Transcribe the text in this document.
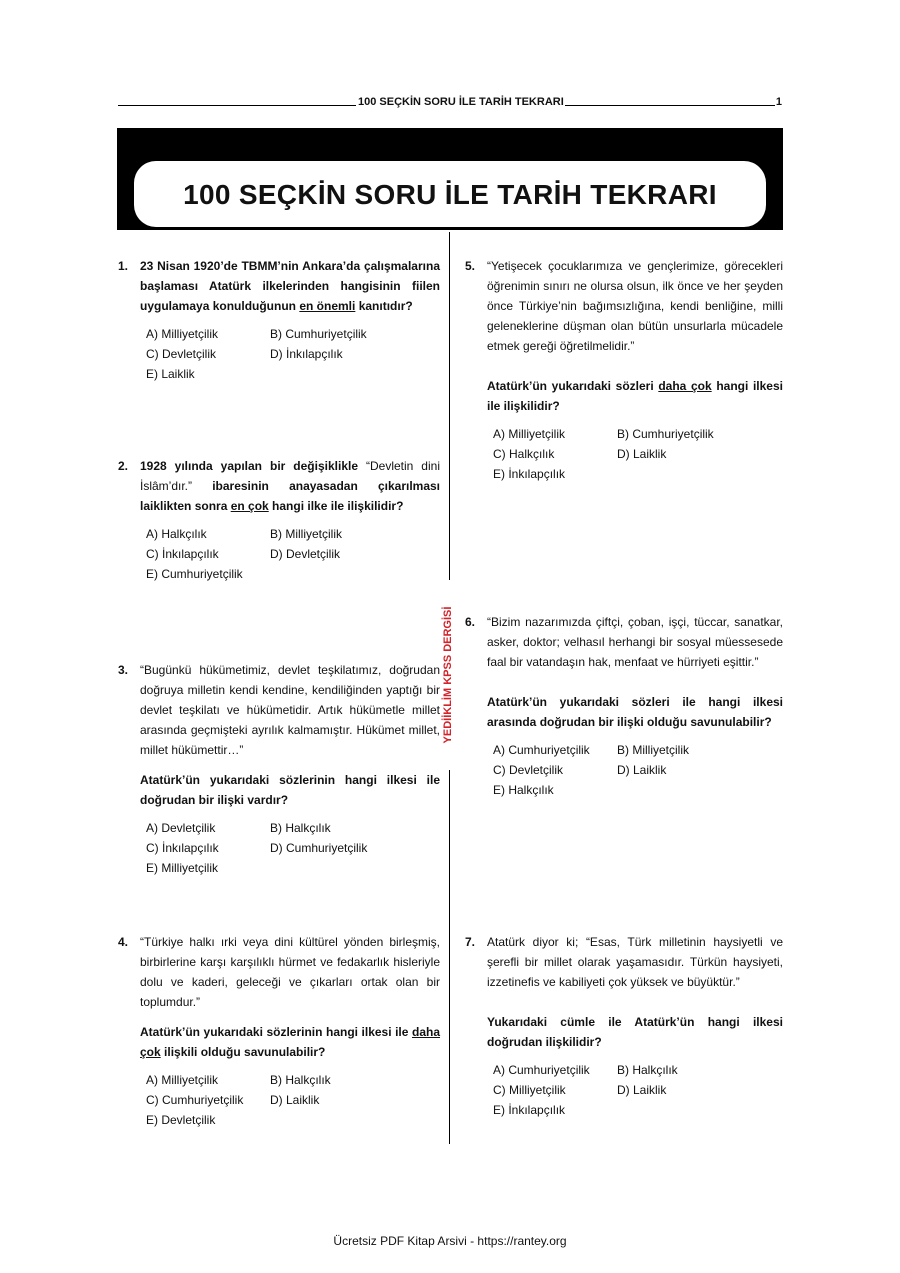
100 SEÇKİN SORU İLE TARİH TEKRARI	1
100 SEÇKİN SORU İLE TARİH TEKRARI
YEDİİKLİM KPSS DERGİSİ
1. 23 Nisan 1920’de TBMM’nin Ankara’da çalışmalarına başlaması Atatürk ilkelerinden hangisinin fiilen uygulamaya konulduğunun en önemli kanıtıdır?

A) Milliyetçilik	B) Cumhuriyetçilik
C) Devletçilik	D) İnkılapçılık
E) Laiklik
2. 1928 yılında yapılan bir değişiklikle “Devletin dini İslâm’dır.” ibaresinin anayasadan çıkarılması laiklikten sonra en çok hangi ilke ile ilişkilidir?

A) Halkçılık	B) Milliyetçilik
C) İnkılapçılık	D) Devletçilik
E) Cumhuriyetçilik
3. “Bugünkü hükümetimiz, devlet teşkilatımız, doğrudan doğruya milletin kendi kendine, kendiliğinden yaptığı bir devlet teşkilatı ve hükümetidir. Artık hükümetle millet arasında geçmişteki ayrılık kalmamıştır. Hükümet millet, millet hükümettir…”

Atatürk’ün yukarıdaki sözlerinin hangi ilkesi ile doğrudan bir ilişki vardır?

A) Devletçilik	B) Halkçılık
C) İnkılapçılık	D) Cumhuriyetçilik
E) Milliyetçilik
4. “Türkiye halkı ırki veya dini kültürel yönden birleşmiş, birbirlerine karşı karşılıklı hürmet ve fedakarlık hisleriyle dolu ve kaderi, geleceği ve çıkarları ortak olan bir toplumdur.”

Atatürk’ün yukarıdaki sözlerinin hangi ilkesi ile daha çok ilişkili olduğu savunulabilir?

A) Milliyetçilik	B) Halkçılık
C) Cumhuriyetçilik	D) Laiklik
E) Devletçilik
5. “Yetişecek çocuklarımıza ve gençlerimize, görecekleri öğrenimin sınırı ne olursa olsun, ilk önce ve her şeyden önce Türkiye’nin bağımsızlığına, kendi benliğine, milli geleneklerine düşman olan bütün unsurlarla mücadele etmek gereği öğretilmelidir.”

Atatürk’ün yukarıdaki sözleri daha çok hangi ilkesi ile ilişkilidir?

A) Milliyetçilik	B) Cumhuriyetçilik
C) Halkçılık	D) Laiklik
E) İnkılapçılık
6. “Bizim nazarımızda çiftçi, çoban, işçi, tüccar, sanatkar, asker, doktor; velhasıl herhangi bir sosyal müessesede faal bir vatandaşın hak, menfaat ve hürriyeti eşittir.”

Atatürk’ün yukarıdaki sözleri ile hangi ilkesi arasında doğrudan bir ilişki olduğu savunulabilir?

A) Cumhuriyetçilik	B) Milliyetçilik
C) Devletçilik	D) Laiklik
E) Halkçılık
7. Atatürk diyor ki; “Esas, Türk milletinin haysiyetli ve şerefli bir millet olarak yaşamasıdır. Türkün haysiyeti, izzetinefis ve kabiliyeti çok yüksek ve büyüktür.”

Yukarıdaki cümle ile Atatürk’ün hangi ilkesi doğrudan ilişkilidir?

A) Cumhuriyetçilik	B) Halkçılık
C) Milliyetçilik	D) Laiklik
E) İnkılapçılık
Ücretsiz PDF Kitap Arsivi - https://rantey.org
